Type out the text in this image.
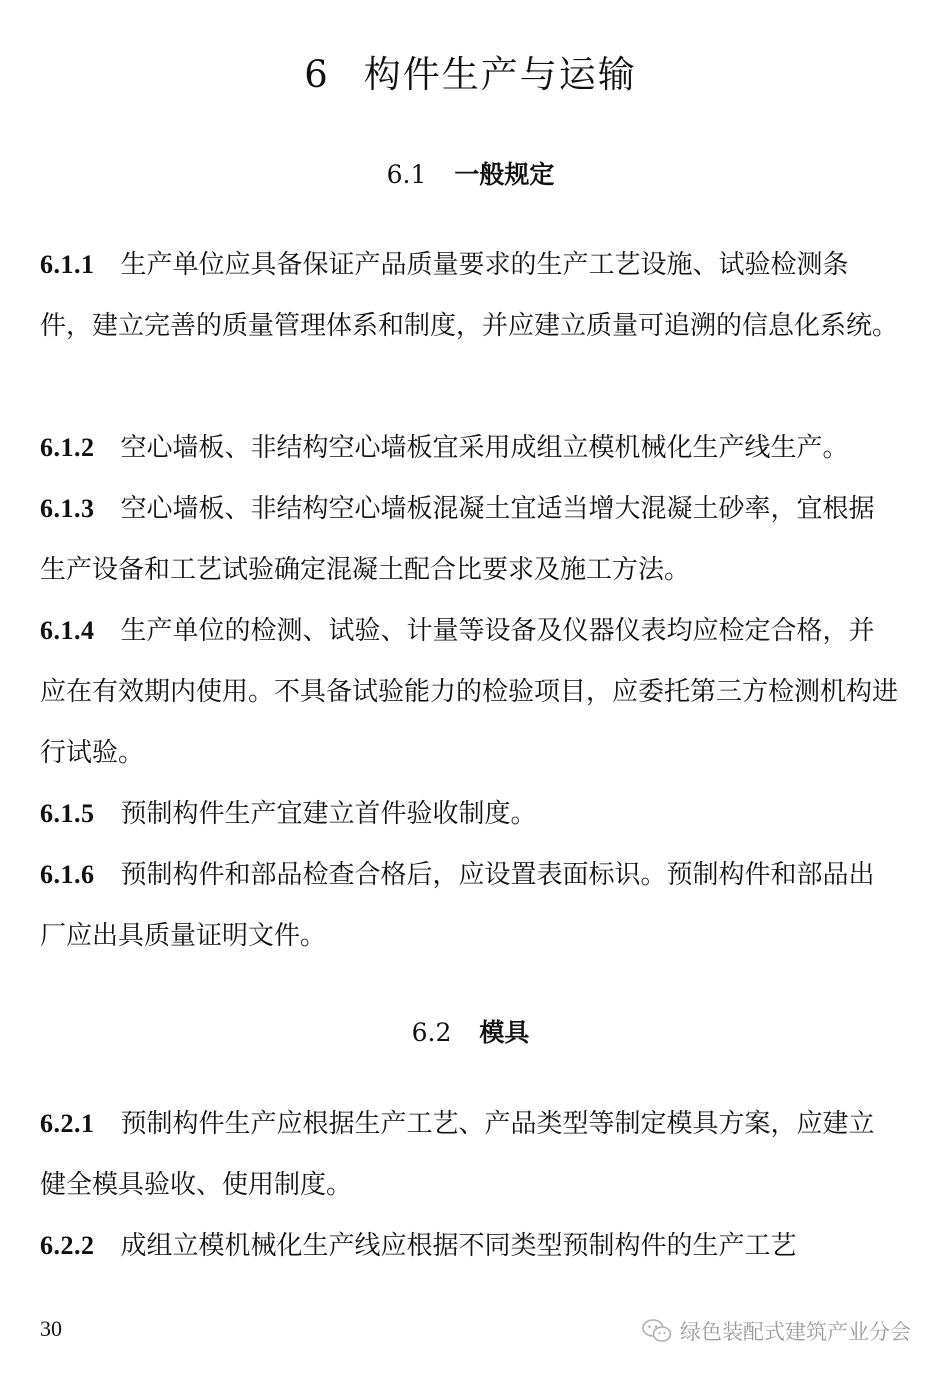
6 构件生产与运输
6.1 一般规定
6.1.1 生产单位应具备保证产品质量要求的生产工艺设施、试验检测条件，建立完善的质量管理体系和制度，并应建立质量可追溯的信息化系统。
6.1.2 空心墙板、非结构空心墙板宜采用成组立模机械化生产线生产。
6.1.3 空心墙板、非结构空心墙板混凝土宜适当增大混凝土砂率，宜根据生产设备和工艺试验确定混凝土配合比要求及施工方法。
6.1.4 生产单位的检测、试验、计量等设备及仪器仪表均应检定合格，并应在有效期内使用。不具备试验能力的检验项目，应委托第三方检测机构进行试验。
6.1.5 预制构件生产宜建立首件验收制度。
6.1.6 预制构件和部品检查合格后，应设置表面标识。预制构件和部品出厂应出具质量证明文件。
6.2 模具
6.2.1 预制构件生产应根据生产工艺、产品类型等制定模具方案，应建立健全模具验收、使用制度。
6.2.2 成组立模机械化生产线应根据不同类型预制构件的生产工艺
30	绿色装配式建筑产业分会
